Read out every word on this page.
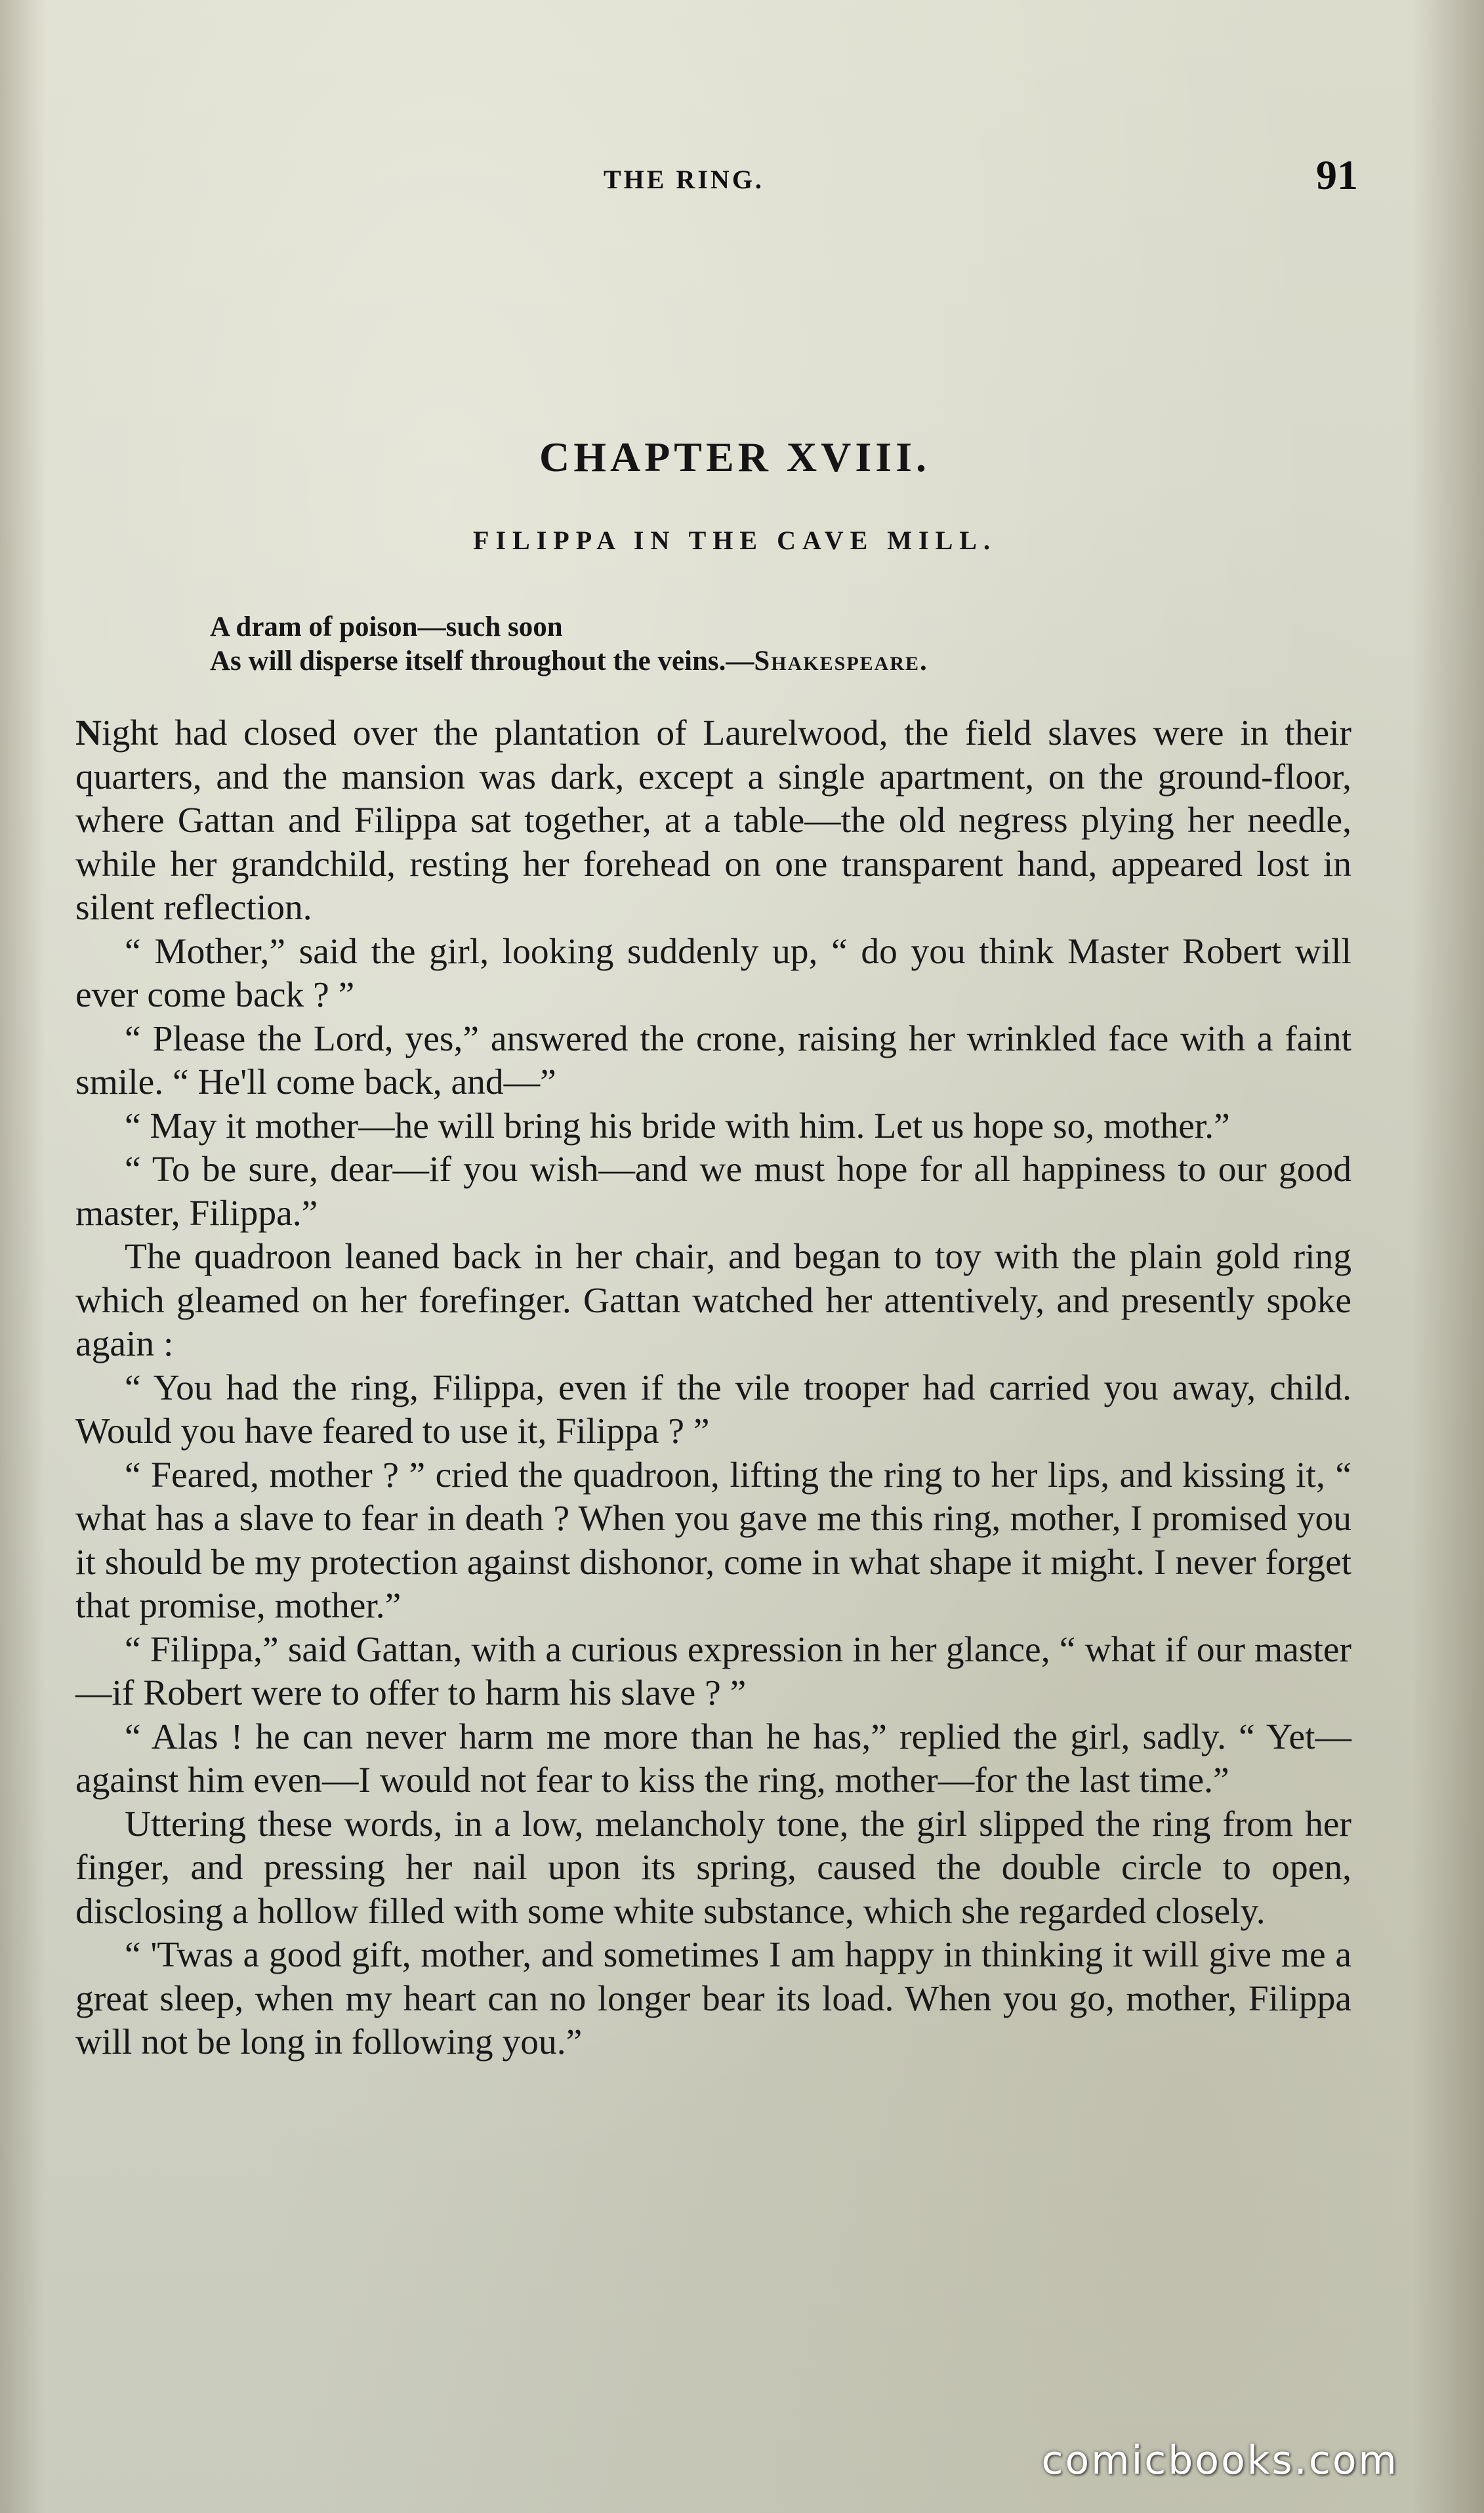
THE RING.	91
CHAPTER XVIII.
FILIPPA IN THE CAVE MILL.
A dram of poison—such soon
As will disperse itself throughout the veins.—Shakespeare.

Night had closed over the plantation of Laurelwood, the field slaves were in their quarters, and the mansion was dark, except a single apartment, on the ground-floor, where Gattan and Filippa sat together, at a table—the old negress plying her needle, while her grandchild, resting her forehead on one transparent hand, appeared lost in silent reflection.

“ Mother,” said the girl, looking suddenly up, “ do you think Master Robert will ever come back ? ”

“ Please the Lord, yes,” answered the crone, raising her wrinkled face with a faint smile. “ He'll come back, and—”

“ May it mother—he will bring his bride with him. Let us hope so, mother.”

“ To be sure, dear—if you wish—and we must hope for all happiness to our good master, Filippa.”

The quadroon leaned back in her chair, and began to toy with the plain gold ring which gleamed on her forefinger. Gattan watched her attentively, and presently spoke again :

“ You had the ring, Filippa, even if the vile trooper had carried you away, child. Would you have feared to use it, Filippa ? ”

“ Feared, mother ? ” cried the quadroon, lifting the ring to her lips, and kissing it, “ what has a slave to fear in death ? When you gave me this ring, mother, I promised you it should be my protection against dishonor, come in what shape it might. I never forget that promise, mother.”

“ Filippa,” said Gattan, with a curious expression in her glance, “ what if our master—if Robert were to offer to harm his slave ? ”

“ Alas ! he can never harm me more than he has,” replied the girl, sadly. “ Yet—against him even—I would not fear to kiss the ring, mother—for the last time.”

Uttering these words, in a low, melancholy tone, the girl slipped the ring from her finger, and pressing her nail upon its spring, caused the double circle to open, disclosing a hollow filled with some white substance, which she regarded closely.

“ 'Twas a good gift, mother, and sometimes I am happy in thinking it will give me a great sleep, when my heart can no longer bear its load. When you go, mother, Filippa will not be long in following you.”

comicbooks.com
